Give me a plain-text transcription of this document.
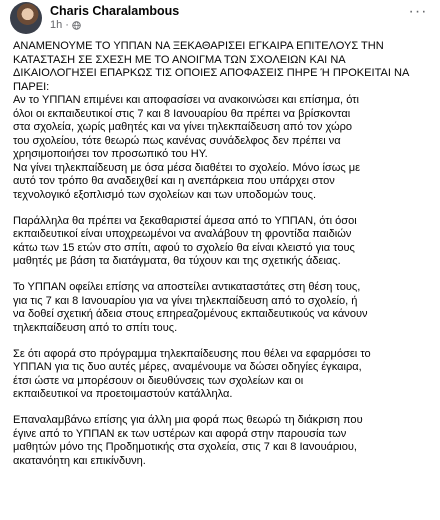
Charis Charalambous
1h ·
···

ΑΝΑΜΕΝΟΥΜΕ ΤΟ ΥΠΠΑΝ ΝΑ ΞΕΚΑΘΑΡΙΣΕΙ ΕΓΚΑΙΡΑ ΕΠΙΤΕΛΟΥΣ ΤΗΝ
ΚΑΤΑΣΤΑΣΗ ΣΕ ΣΧΕΣΗ ΜΕ ΤΟ ΑΝΟΙΓΜΑ ΤΩΝ ΣΧΟΛΕΙΩΝ ΚΑΙ ΝΑ
ΔΙΚΑΙΟΛΟΓΗΣΕΙ ΕΠΑΡΚΩΣ ΤΙΣ ΟΠΟΙΕΣ ΑΠΟΦΑΣΕΙΣ ΠΗΡΕ Ή ΠΡΟΚΕΙΤΑΙ ΝΑ
ΠΑΡΕΙ:
Αν το ΥΠΠΑΝ επιμένει και αποφασίσει να ανακοινώσει και επίσημα, ότι
όλοι οι εκπαιδευτικοί στις 7 και 8 Ιανουαρίου θα πρέπει να βρίσκονται
στα σχολεία, χωρίς μαθητές και να γίνει τηλεκπαίδευση από τον χώρο
του σχολείου, τότε θεωρώ πως κανένας συνάδελφος δεν πρέπει να
χρησιμοποιήσει τον προσωπικό του ΗΥ.
Να γίνει τηλεκπαίδευση με όσα μέσα διαθέτει το σχολείο. Μόνο ίσως με
αυτό τον τρόπο θα αναδειχθεί και η ανεπάρκεια που υπάρχει στον
τεχνολογικό εξοπλισμό των σχολείων και των υποδομών τους.

Παράλληλα θα πρέπει να ξεκαθαριστεί άμεσα από το ΥΠΠΑΝ, ότι όσοι
εκπαιδευτικοί είναι υποχρεωμένοι να αναλάβουν τη φροντίδα παιδιών
κάτω των 15 ετών στο σπίτι, αφού το σχολείο θα είναι κλειστό για τους
μαθητές με βάση τα διατάγματα, θα τύχουν και της σχετικής άδειας.

Το ΥΠΠΑΝ οφείλει επίσης να αποστείλει αντικαταστάτες στη θέση τους,
για τις 7 και 8 Ιανουαρίου για να γίνει τηλεκπαίδευση από το σχολείο, ή
να δοθεί σχετική άδεια στους επηρεαζομένους εκπαιδευτικούς να κάνουν
τηλεκπαίδευση από το σπίτι τους.

Σε ότι αφορά στο πρόγραμμα τηλεκπαίδευσης που θέλει να εφαρμόσει το
ΥΠΠΑΝ για τις δυο αυτές μέρες, αναμένουμε να δώσει οδηγίες έγκαιρα,
έτσι ώστε να μπορέσουν οι διευθύνσεις των σχολείων και οι
εκπαιδευτικοί να προετοιμαστούν κατάλληλα.

Επαναλαμβάνω επίσης για άλλη μια φορά πως θεωρώ τη διάκριση που
έγινε από το ΥΠΠΑΝ εκ των υστέρων και αφορά στην παρουσία των
μαθητών μόνο της Προδημοτικής στα σχολεία, στις 7 και 8 Ιανουάριου,
ακατανόητη και επικίνδυνη.
